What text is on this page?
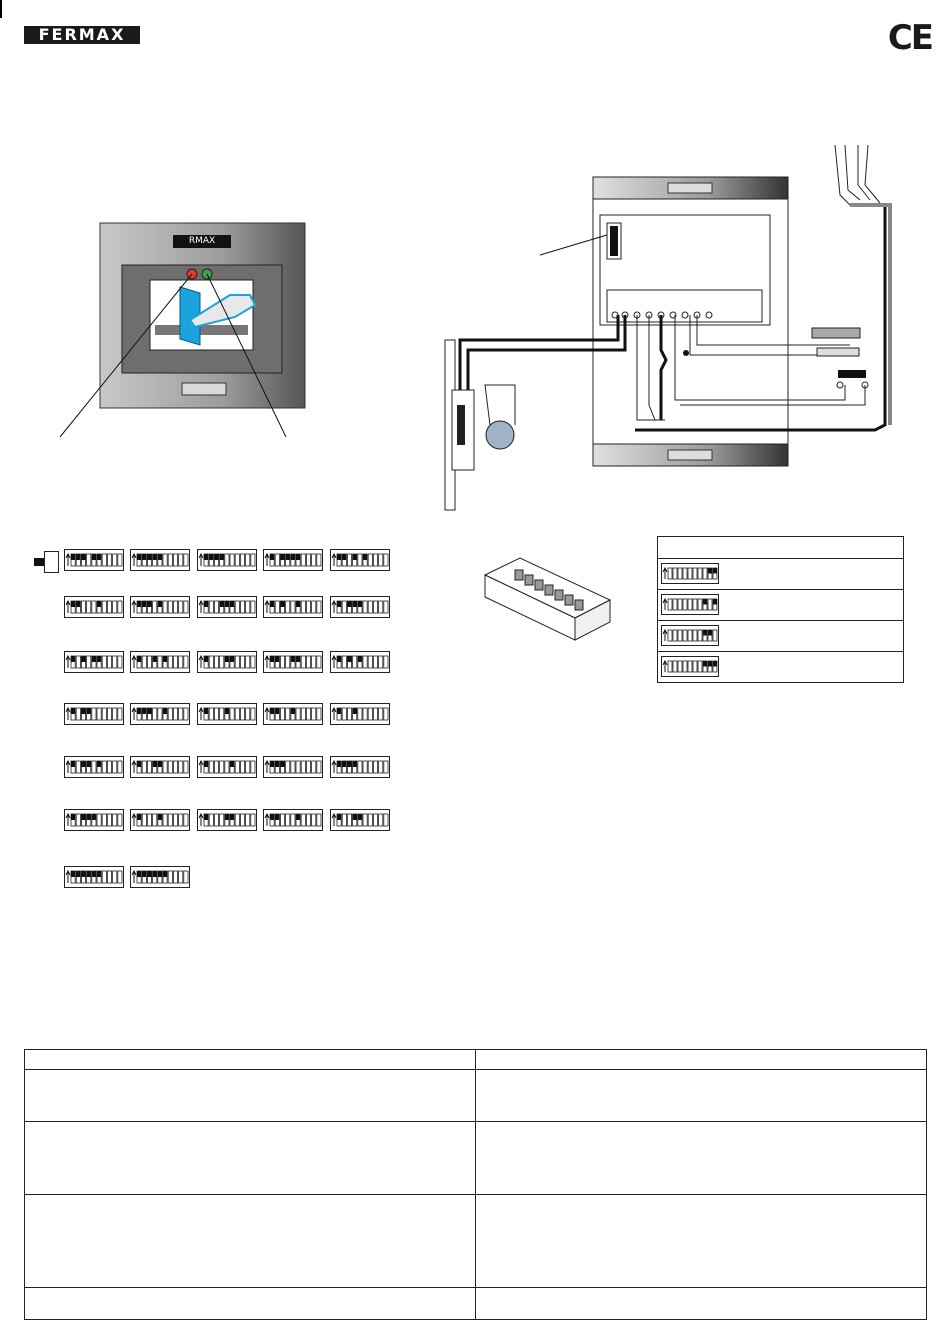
FERMAX	CE
RMAX
